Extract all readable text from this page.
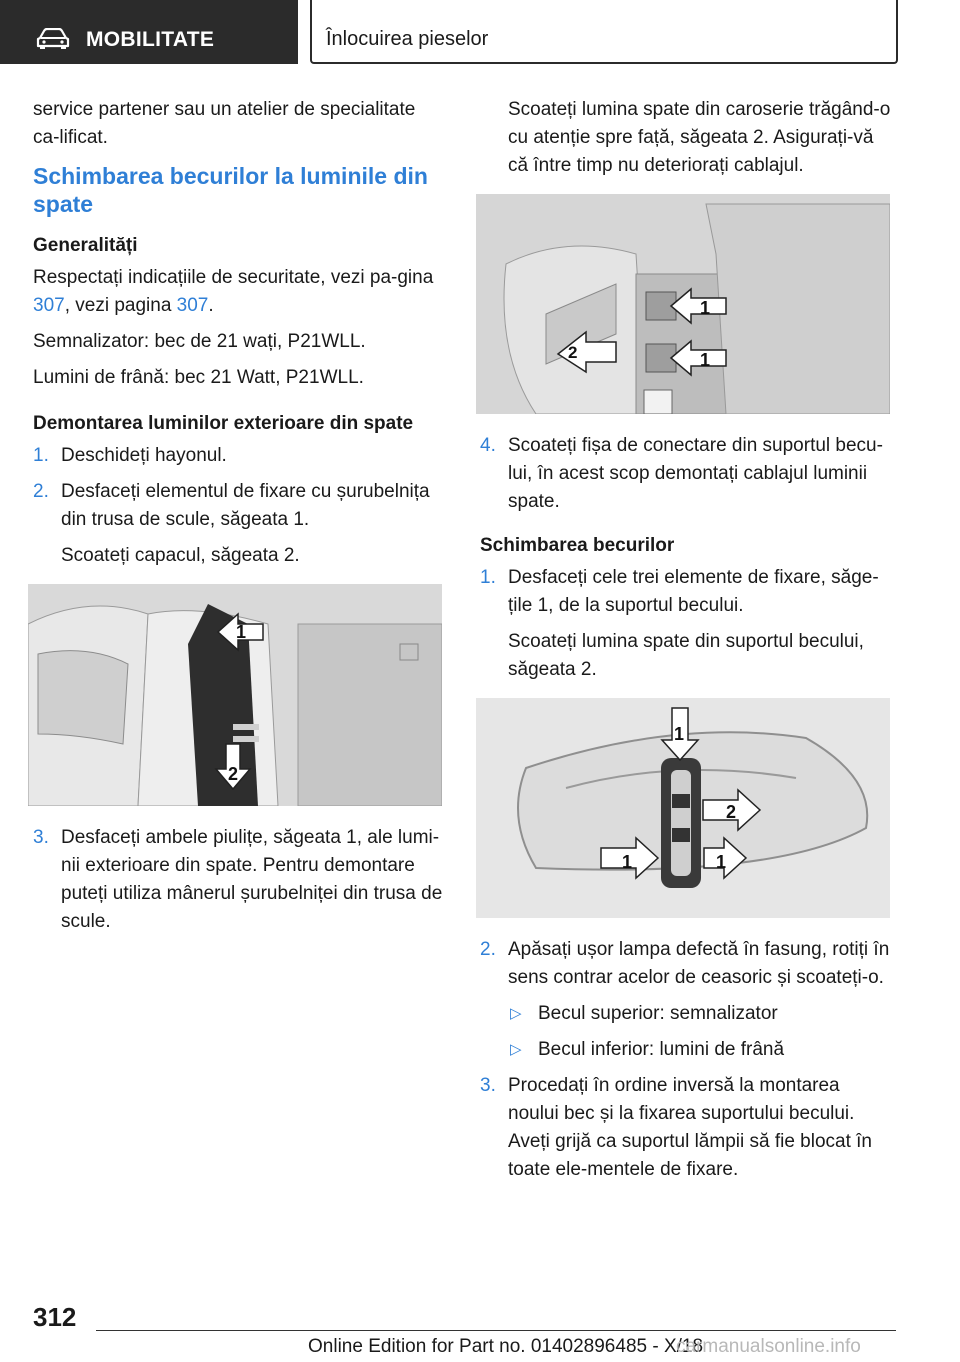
MOBILITATE	Înlocuirea pieselor

service partener sau un atelier de specialitate ca-lificat.

Schimbarea becurilor la luminile din spate
Generalități

Respectați indicațiile de securitate, vezi pa-gina 307, vezi pagina 307.

Semnalizator: bec de 21 wați, P21WLL.

Lumini de frână: bec 21 Watt, P21WLL.

Demontarea luminilor exterioare din spate
1. Deschideți hayonul.
2. Desfaceți elementul de fixare cu șurubelnița din trusa de scule, săgeata 1.

Scoateți capacul, săgeata 2.

1
2
3. Desfaceți ambele piulițe, săgeata 1, ale lumi-nii exterioare din spate. Pentru demontare puteți utiliza mânerul șurubelniței din trusa de scule.

Scoateți lumina spate din caroserie trăgând-o cu atenție spre față, săgeata 2. Asigurați-vă că între timp nu deteriorați cablajul.

1
1
2
4. Scoateți fișa de conectare din suportul becu-lui, în acest scop demontați cablajul luminii spate.
Schimbarea becurilor
1. Desfaceți cele trei elemente de fixare, săge-țile 1, de la suportul becului.

Scoateți lumina spate din suportul becului, săgeata 2.

1
2
1	1
2. Apăsați ușor lampa defectă în fasung, rotiți în sens contrar acelor de ceasoric și scoateți-o.
▷ Becul superior: semnalizator
▷ Becul inferior: lumini de frână
3. Procedați în ordine inversă la montarea noului bec și la fixarea suportului becului. Aveți grijă ca suportul lămpii să fie blocat în toate ele-mentele de fixare.
312
Online Edition for Part no. 01402896485 - X/18
carmanualsonline.info
